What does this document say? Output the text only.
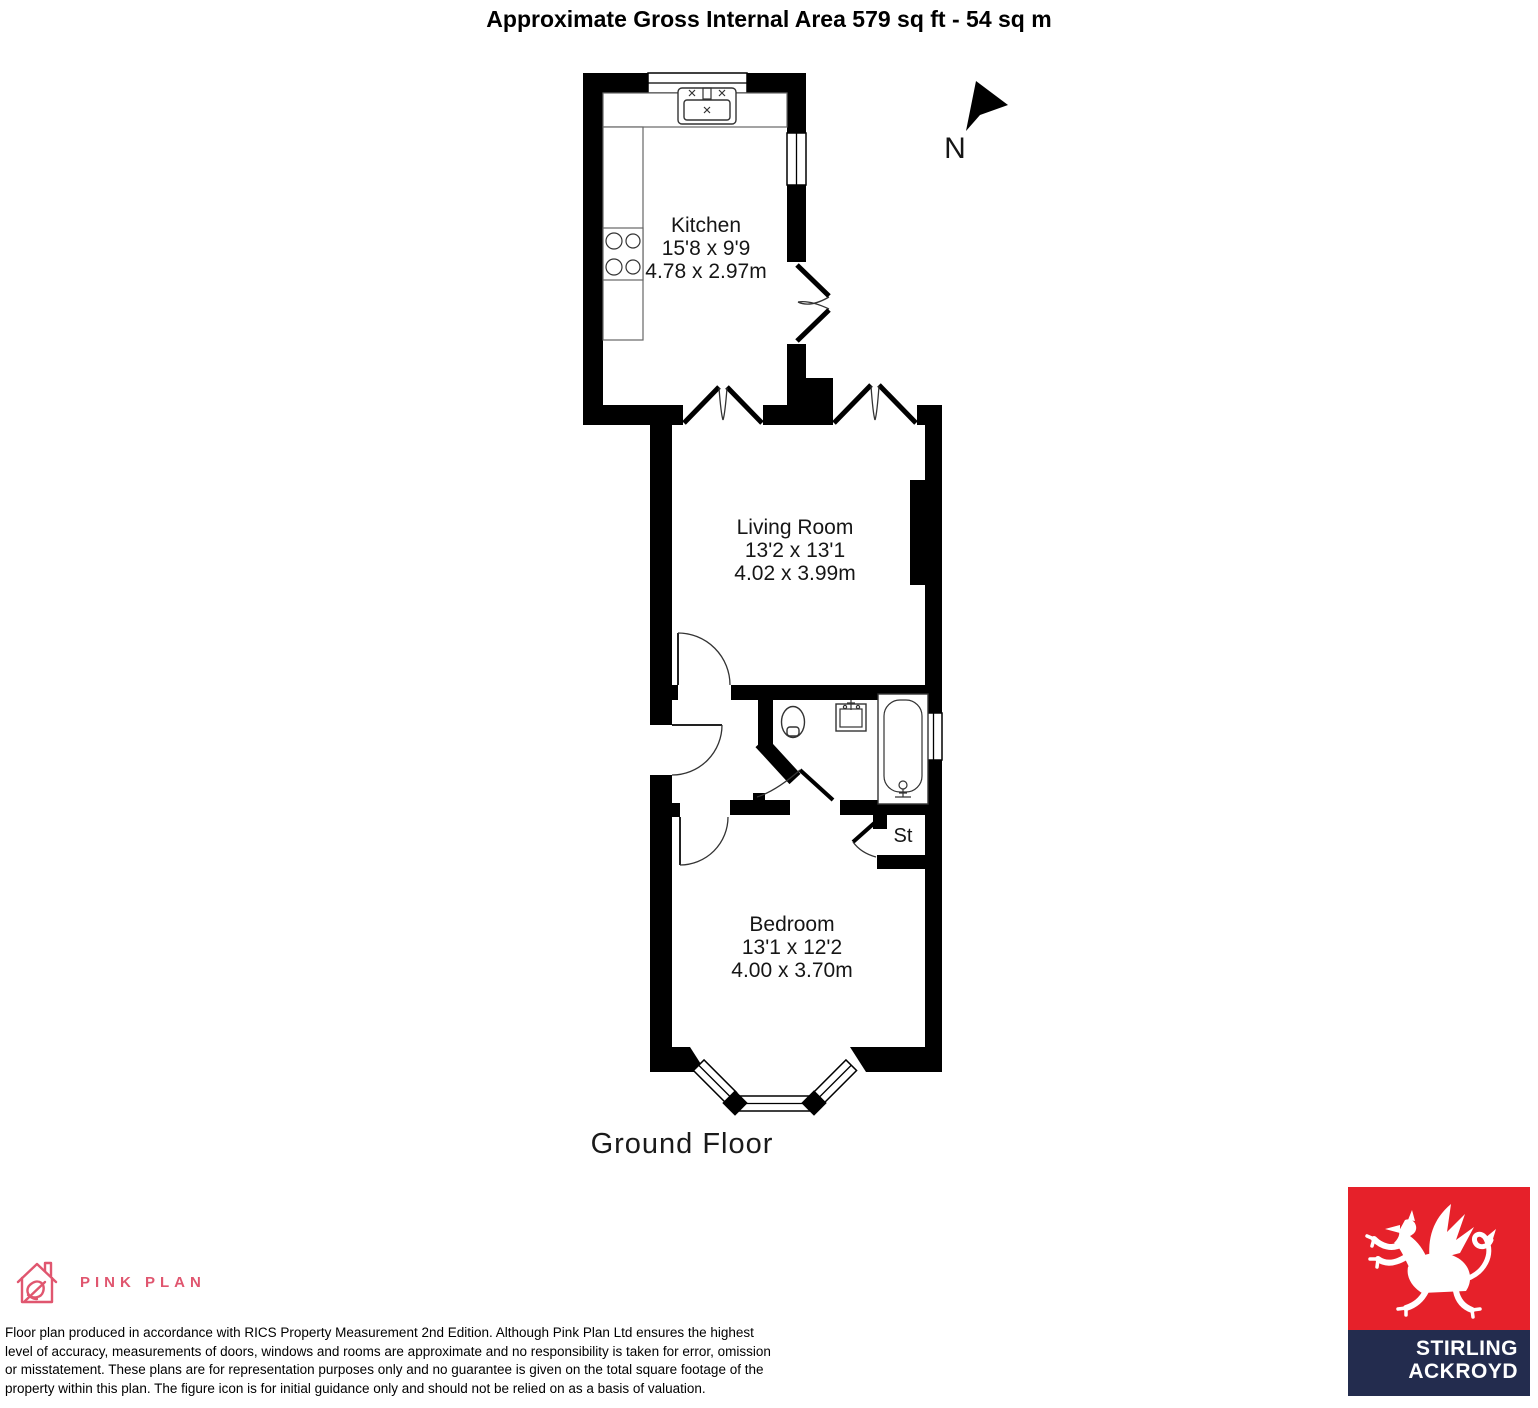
Approximate Gross Internal Area 579 sq ft - 54 sq m
N
Kitchen
15'8 x 9'9
4.78 x 2.97m
Living Room
13'2 x 13'1
4.02 x 3.99m
Bedroom
13'1 x 12'2
4.00 x 3.70m
St
Ground Floor
PINK PLAN
Floor plan produced in accordance with RICS Property Measurement 2nd Edition. Although Pink Plan Ltd ensures the highest
level of accuracy, measurements of doors, windows and rooms are approximate and no responsibility is taken for error, omission
or misstatement. These plans are for representation purposes only and no guarantee is given on the total square footage of the
property within this plan. The figure icon is for initial guidance only and should not be relied on as a basis of valuation.
STIRLING
ACKROYD
